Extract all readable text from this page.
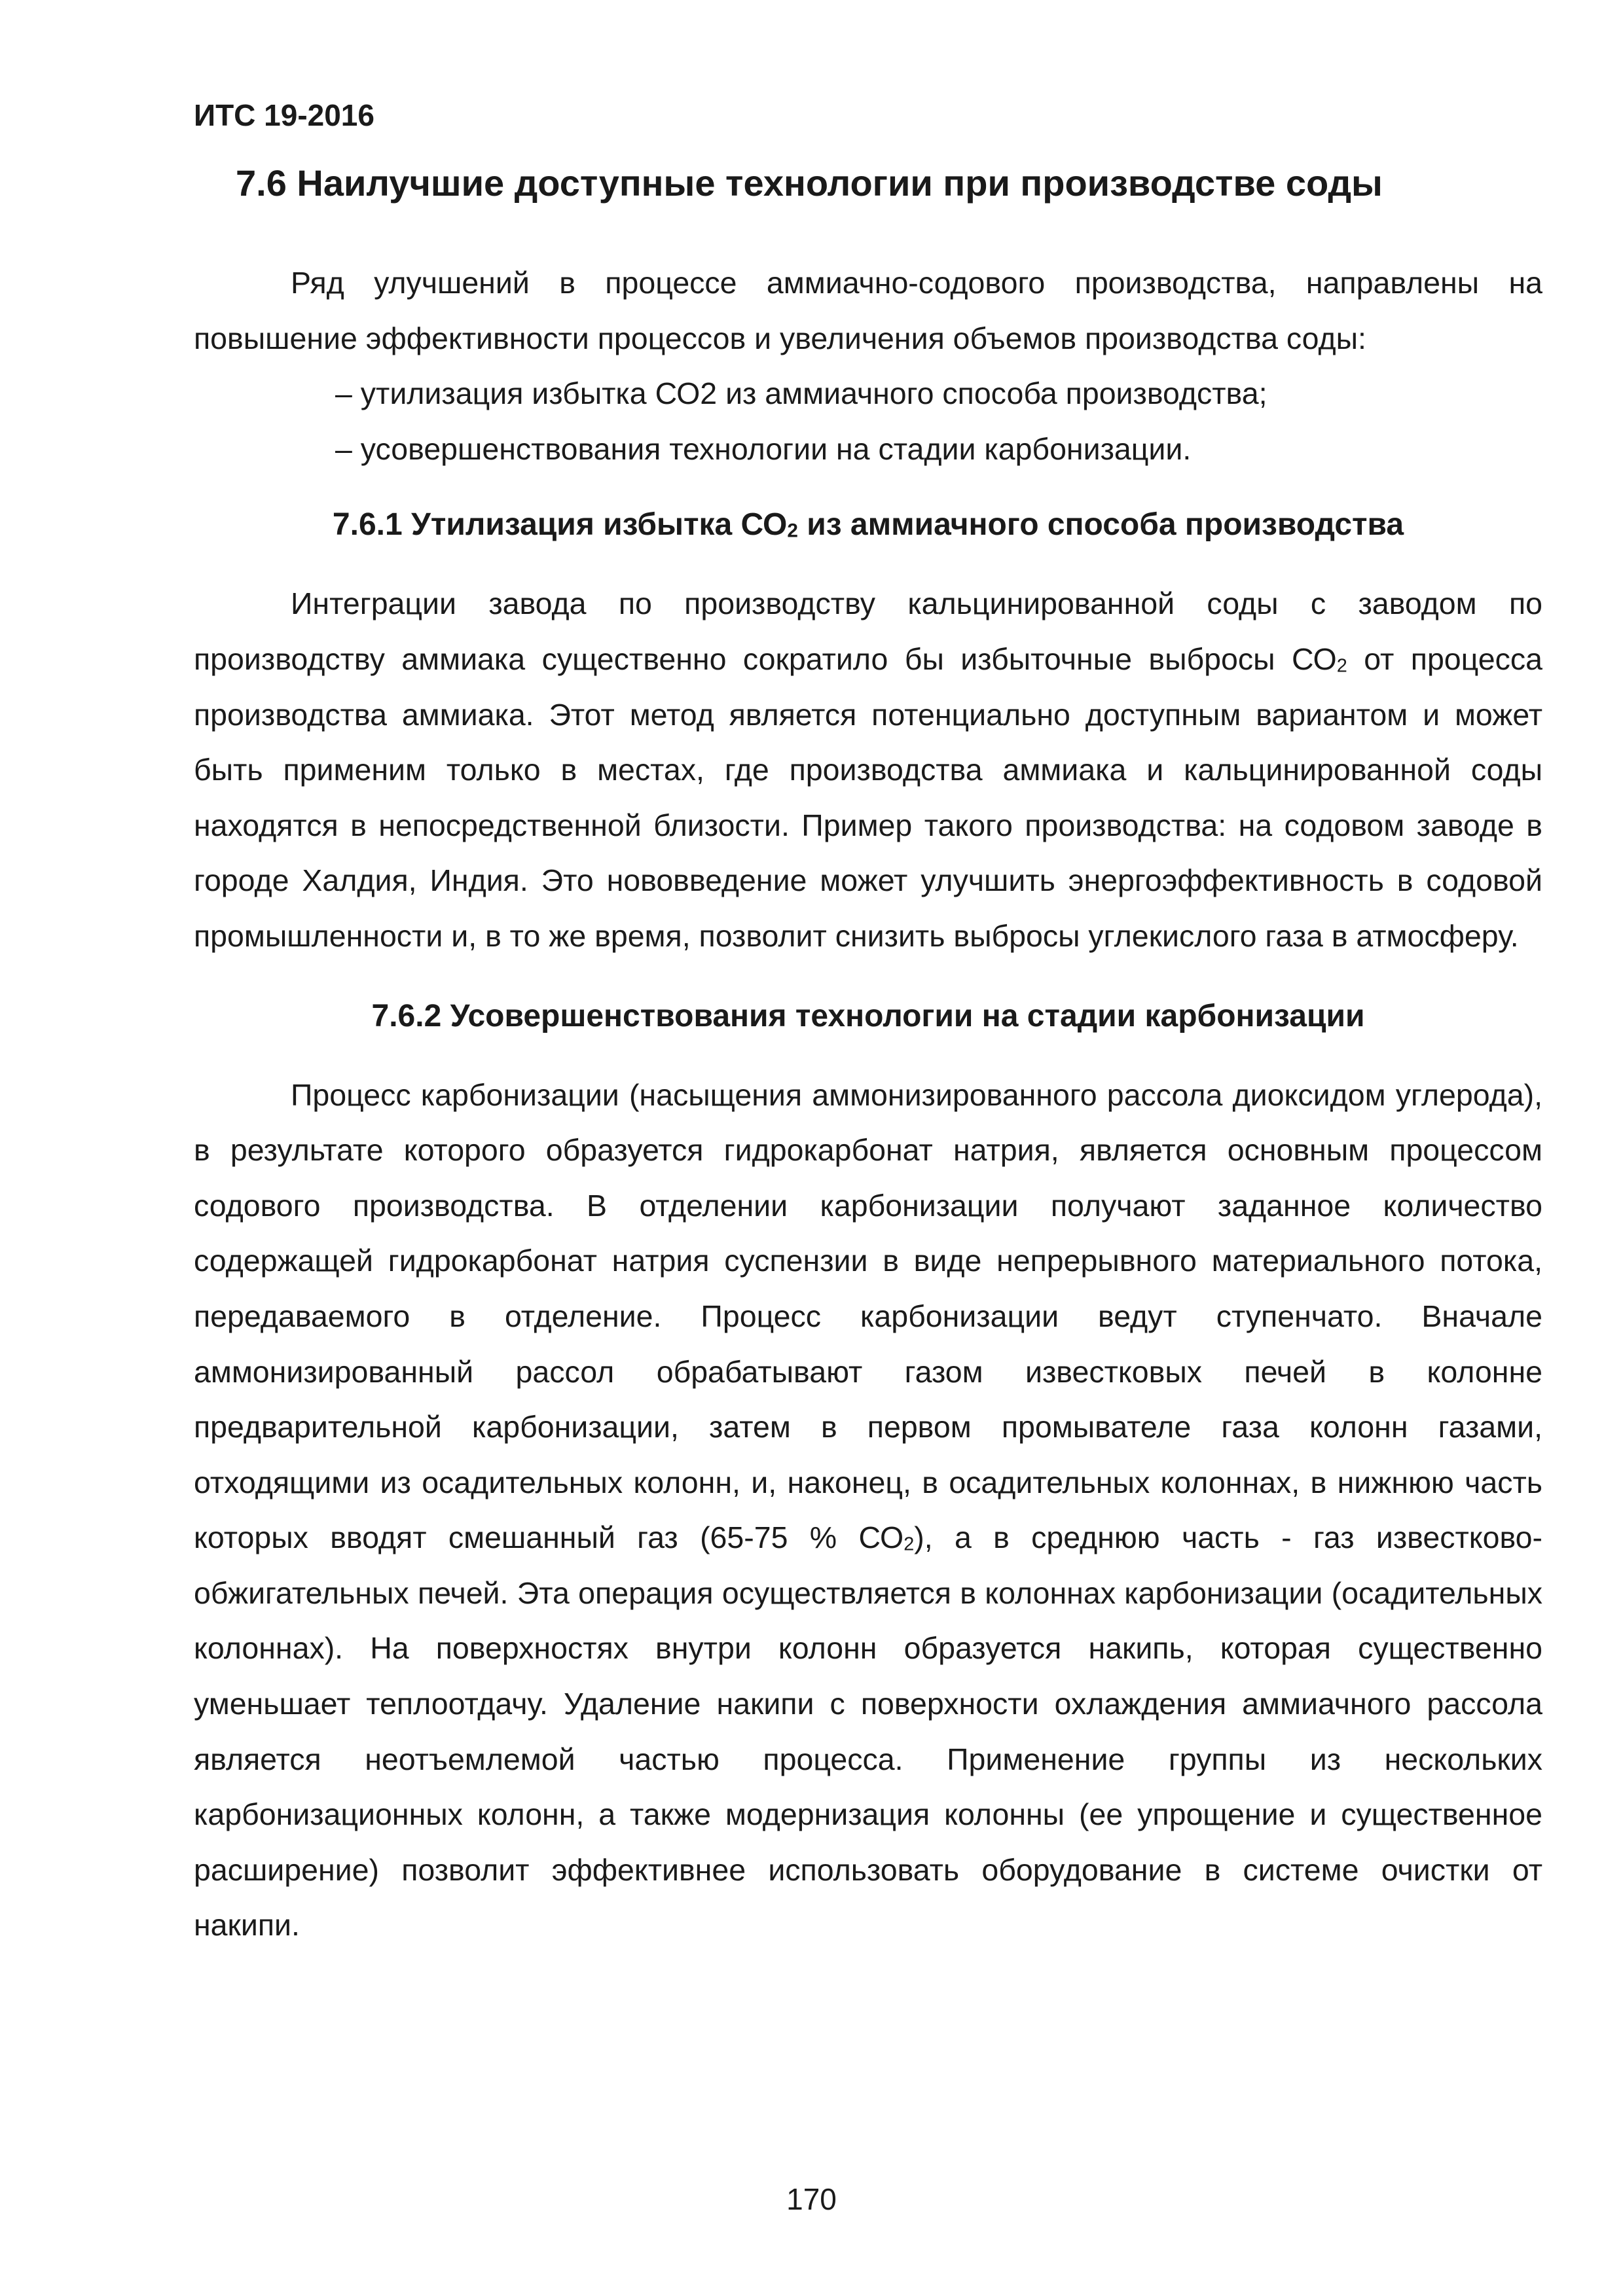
ИТС 19-2016
7.6 Наилучшие доступные технологии при производстве соды

Ряд улучшений в процессе аммиачно-содового производства, направлены на повышение эффективности процессов и увеличения объемов производства соды:

– утилизация избытка СО2 из аммиачного способа производства;
– усовершенствования технологии на стадии карбонизации.
7.6.1 Утилизация избытка $СО_2$ из аммиачного способа производства

Интеграции завода по производству кальцинированной соды с заводом по производству аммиака существенно сократило бы избыточные выбросы $СО_2$ от процесса производства аммиака. Этот метод является потенциально доступным вариантом и может быть применим только в местах, где производства аммиака и кальцинированной соды находятся в непосредственной близости. Пример такого производства: на содовом заводе в городе Халдия, Индия. Это нововведение может улучшить энергоэффективность в содовой промышленности и, в то же время, позволит снизить выбросы углекислого газа в атмосферу.

7.6.2 Усовершенствования технологии на стадии карбонизации

Процесс карбонизации (насыщения аммонизированного рассола диоксидом углерода), в результате которого образуется гидрокарбонат натрия, является основным процессом содового производства. В отделении карбонизации получают заданное количество содержащей гидрокарбонат натрия суспензии в виде непрерывного материального потока, передаваемого в отделение. Процесс карбонизации ведут ступенчато. Вначале аммонизированный рассол обрабатывают газом известковых печей в колонне предварительной карбонизации, затем в первом промывателе газа колонн газами, отходящими из осадительных колонн, и, наконец, в осадительных колоннах, в нижнюю часть которых вводят смешанный газ (65-75 % $СО_2$), а в среднюю часть - газ известково-обжигательных печей. Эта операция осуществляется в колоннах карбонизации (осадительных колоннах). На поверхностях внутри колонн образуется накипь, которая существенно уменьшает теплоотдачу. Удаление накипи с поверхности охлаждения аммиачного рассола является неотъемлемой частью процесса. Применение группы из нескольких карбонизационных колонн, а также модернизация колонны (ее упрощение и существенное расширение) позволит эффективнее использовать оборудование в системе очистки от накипи.

170
